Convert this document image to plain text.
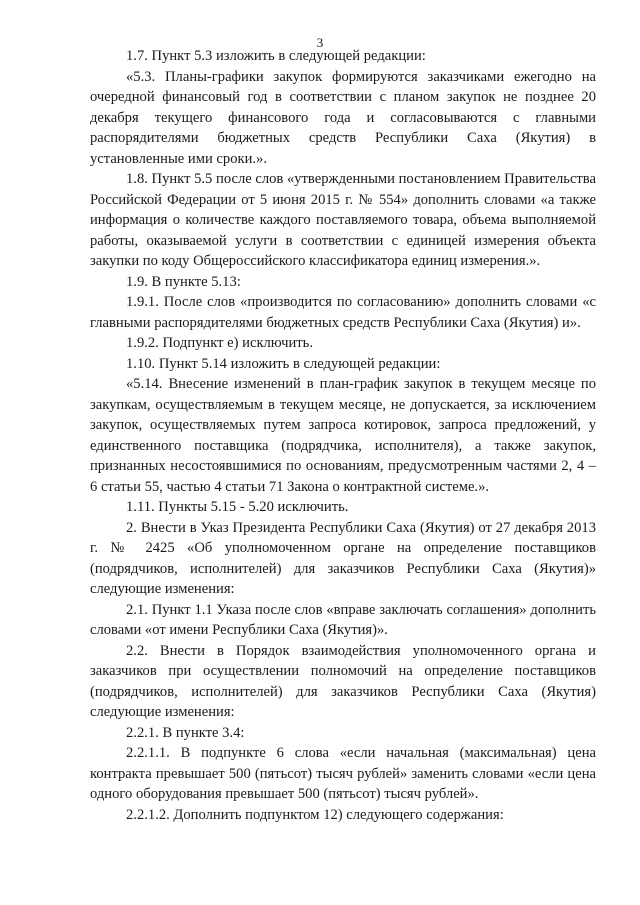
3

1.7. Пункт 5.3 изложить в следующей редакции:

«5.3. Планы-графики закупок формируются заказчиками ежегодно на очередной финансовый год в соответствии с планом закупок не позднее 20 декабря текущего финансового года и согласовываются с главными распорядителями бюджетных средств Республики Саха (Якутия) в установленные ими сроки.».

1.8. Пункт 5.5 после слов «утвержденными постановлением Правительства Российской Федерации от 5 июня 2015 г. № 554» дополнить словами «а также информация о количестве каждого поставляемого товара, объема выполняемой работы, оказываемой услуги в соответствии с единицей измерения объекта закупки по коду Общероссийского классификатора единиц измерения.».

1.9. В пункте 5.13:

1.9.1. После слов «производится по согласованию» дополнить словами «с главными распорядителями бюджетных средств Республики Саха (Якутия) и».

1.9.2. Подпункт е) исключить.

1.10. Пункт 5.14 изложить в следующей редакции:

«5.14. Внесение изменений в план-график закупок в текущем месяце по закупкам, осуществляемым в текущем месяце, не допускается, за исключением закупок, осуществляемых путем запроса котировок, запроса предложений, у единственного поставщика (подрядчика, исполнителя), а также закупок, признанных несостоявшимися по основаниям, предусмотренным частями 2, 4 – 6 статьи 55, частью 4 статьи 71 Закона о контрактной системе.».

1.11. Пункты 5.15 - 5.20 исключить.

2. Внести в Указ Президента Республики Саха (Якутия) от 27 декабря 2013 г. № 2425 «Об уполномоченном органе на определение поставщиков (подрядчиков, исполнителей) для заказчиков Республики Саха (Якутия)» следующие изменения:

2.1. Пункт 1.1 Указа после слов «вправе заключать соглашения» дополнить словами «от имени Республики Саха (Якутия)».

2.2. Внести в Порядок взаимодействия уполномоченного органа и заказчиков при осуществлении полномочий на определение поставщиков (подрядчиков, исполнителей) для заказчиков Республики Саха (Якутия) следующие изменения:

2.2.1. В пункте 3.4:

2.2.1.1. В подпункте 6 слова «если начальная (максимальная) цена контракта превышает 500 (пятьсот) тысяч рублей» заменить словами «если цена одного оборудования превышает 500 (пятьсот) тысяч рублей».

2.2.1.2. Дополнить подпунктом 12) следующего содержания:
